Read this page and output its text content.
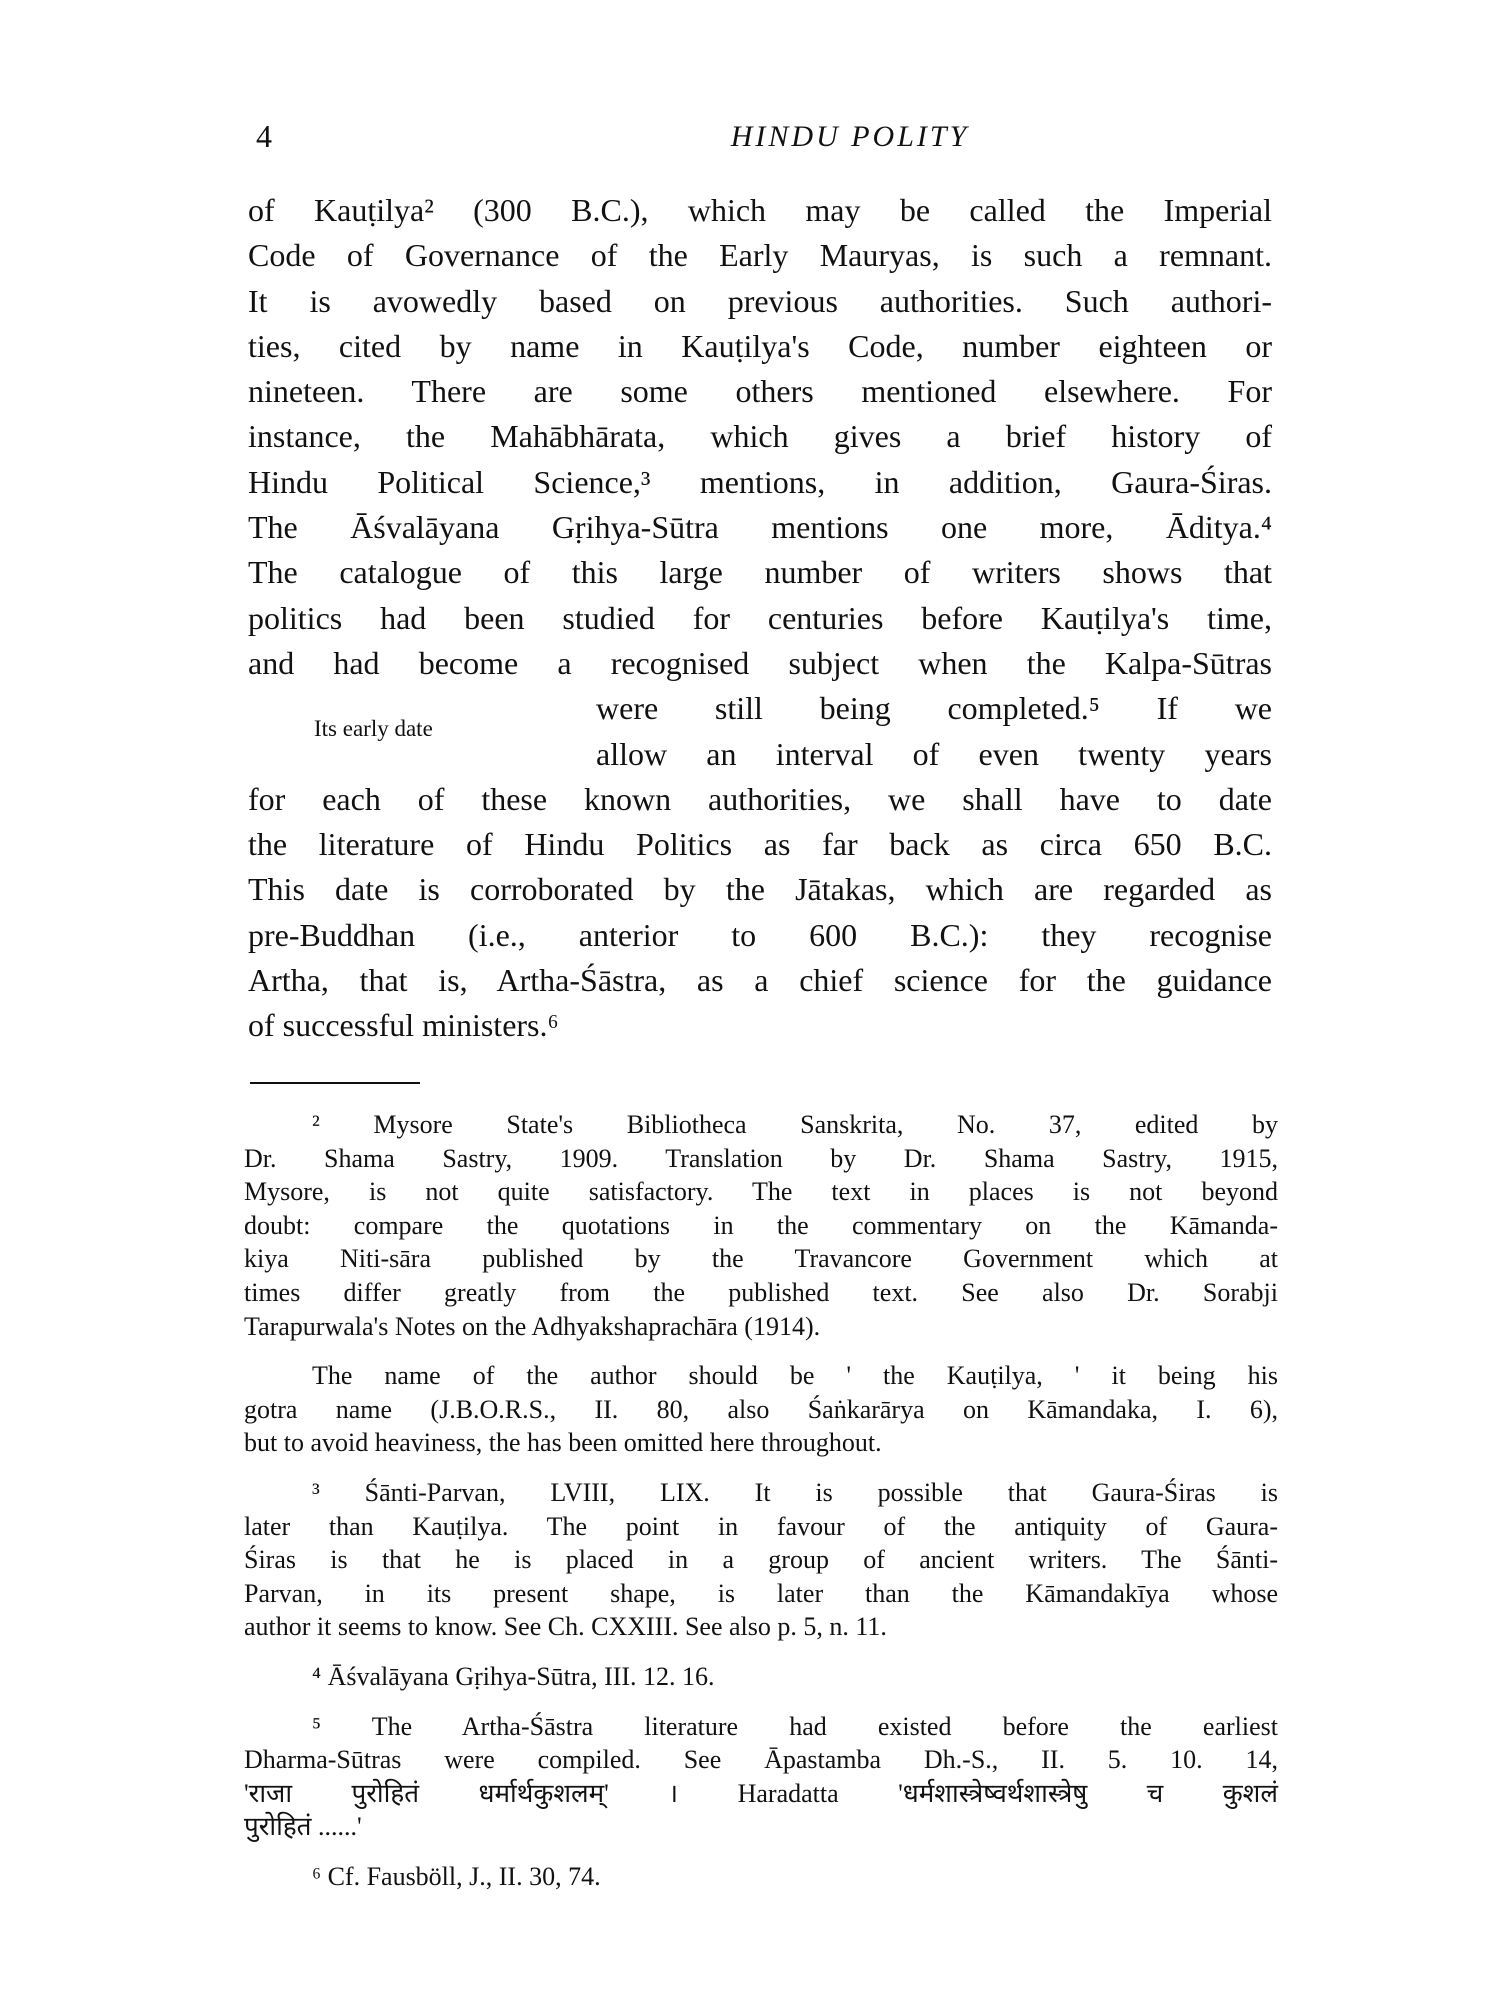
4	HINDU POLITY
of Kauṭilya² (300 B.C.), which may be called the Imperial
Code of Governance of the Early Mauryas, is such a remnant.
It is avowedly based on previous authorities. Such authori-
ties, cited by name in Kauṭilya's Code, number eighteen or
nineteen. There are some others mentioned elsewhere. For
instance, the Mahābhārata, which gives a brief history of
Hindu Political Science,³ mentions, in addition, Gaura-Śiras.
The Āśvalāyana Gṛihya-Sūtra mentions one more, Āditya.⁴
The catalogue of this large number of writers shows that
politics had been studied for centuries before Kauṭilya's time,
and had become a recognised subject when the Kalpa-Sūtras
were still being completed.⁵ If we
allow an interval of even twenty years
for each of these known authorities, we shall have to date
the literature of Hindu Politics as far back as circa 650 B.C.
This date is corroborated by the Jātakas, which are regarded as
pre-Buddhan (i.e., anterior to 600 B.C.): they recognise
Artha, that is, Artha-Śāstra, as a chief science for the guidance
of successful ministers.⁶
Its early date
² Mysore State's Bibliotheca Sanskrita, No. 37, edited by
Dr. Shama Sastry, 1909. Translation by Dr. Shama Sastry, 1915,
Mysore, is not quite satisfactory. The text in places is not beyond
doubt: compare the quotations in the commentary on the Kāmanda-
kiya Niti-sāra published by the Travancore Government which at
times differ greatly from the published text. See also Dr. Sorabji
Tarapurwala's Notes on the Adhyakshaprachāra (1914).
The name of the author should be ' the Kauṭilya, ' it being his
gotra name (J.B.O.R.S., II. 80, also Śaṅkarārya on Kāmandaka, I. 6),
but to avoid heaviness, the has been omitted here throughout.
³ Śānti-Parvan, LVIII, LIX. It is possible that Gaura-Śiras is
later than Kauṭilya. The point in favour of the antiquity of Gaura-
Śiras is that he is placed in a group of ancient writers. The Śānti-
Parvan, in its present shape, is later than the Kāmandakīya whose
author it seems to know. See Ch. CXXIII. See also p. 5, n. 11.
⁴ Āśvalāyana Gṛihya-Sūtra, III. 12. 16.
⁵ The Artha-Śāstra literature had existed before the earliest
Dharma-Sūtras were compiled. See Āpastamba Dh.-S., II. 5. 10. 14,
'राजा पुरोहितं धर्मार्थकुशलम्' । Haradatta 'धर्मशास्त्रेष्वर्थशास्त्रेषु च कुशलं
पुरोहितं ......'
⁶ Cf. Fausböll, J., II. 30, 74.
